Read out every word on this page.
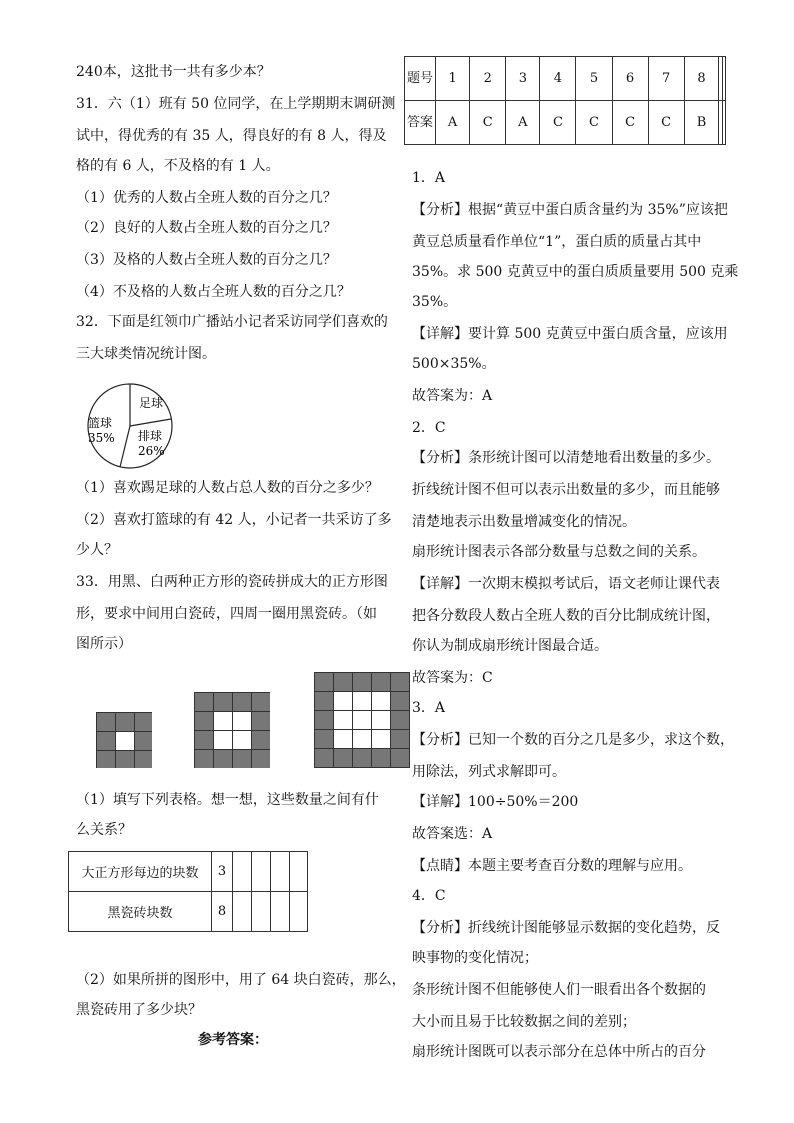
240本，这批书一共有多少本？
31．六（1）班有 50 位同学，在上学期期末调研测
试中，得优秀的有 35 人，得良好的有 8 人，得及
格的有 6 人，不及格的有 1 人。
（1）优秀的人数占全班人数的百分之几？
（2）良好的人数占全班人数的百分之几？
（3）及格的人数占全班人数的百分之几？
（4）不及格的人数占全班人数的百分之几？
32．下面是红领巾广播站小记者采访同学们喜欢的
三大球类情况统计图。
足球
篮球
35% 排球
26%
（1）喜欢踢足球的人数占总人数的百分之多少？
（2）喜欢打篮球的有 42 人，小记者一共采访了多
少人？
33．用黑、白两种正方形的瓷砖拼成大的正方形图
形，要求中间用白瓷砖，四周一圈用黑瓷砖。（如
图所示）
（1）填写下列表格。想一想，这些数量之间有什
么关系？
大正方形每边的块数	3				
黑瓷砖块数	8				
（2）如果所拼的图形中，用了 64 块白瓷砖，那么，
黑瓷砖用了多少块？
参考答案：
题号	1	2	3	4	5	6	7	8		
答案	A	C	A	C	C	C	C	B		
1．A
【分析】根据“黄豆中蛋白质含量约为 35%”应该把
黄豆总质量看作单位“1”，蛋白质的质量占其中
35%。求 500 克黄豆中的蛋白质质量要用 500 克乘
35%。
【详解】要计算 500 克黄豆中蛋白质含量，应该用
500×35%。
故答案为：A
2．C
【分析】条形统计图可以清楚地看出数量的多少。
折线统计图不但可以表示出数量的多少，而且能够
清楚地表示出数量增减变化的情况。
扇形统计图表示各部分数量与总数之间的关系。
【详解】一次期末模拟考试后，语文老师让课代表
把各分数段人数占全班人数的百分比制成统计图，
你认为制成扇形统计图最合适。
故答案为：C
3．A
【分析】已知一个数的百分之几是多少，求这个数，
用除法，列式求解即可。
【详解】100÷50%＝200
故答案选：A
【点睛】本题主要考查百分数的理解与应用。
4．C
【分析】折线统计图能够显示数据的变化趋势，反
映事物的变化情况；
条形统计图不但能够使人们一眼看出各个数据的
大小而且易于比较数据之间的差别；
扇形统计图既可以表示部分在总体中所占的百分
